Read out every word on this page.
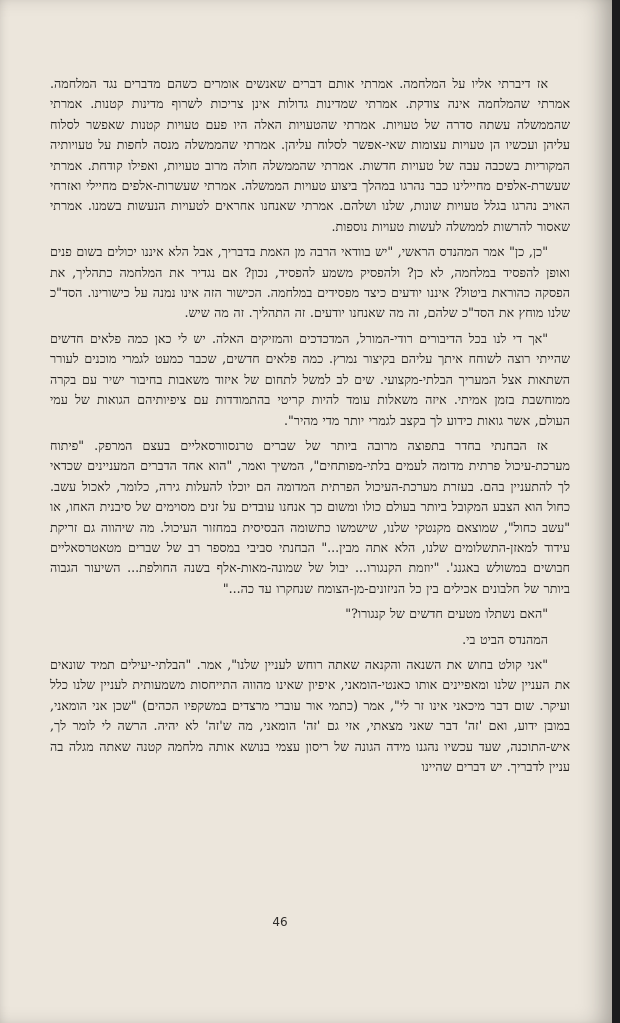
אז דיברתי אליו על המלחמה. אמרתי אותם דברים שאנשים אומרים כשהם מדברים נגד המלחמה. אמרתי שהמלחמה אינה צודקת. אמרתי שמדינות גדולות אינן צריכות לשרוף מדינות קטנות. אמרתי שהממשלה עשתה סדרה של טעויות. אמרתי שהטעויות האלה היו פעם טעויות קטנות שאפשר לסלוח עליהן ועכשיו הן טעויות עצומות שאי-אפשר לסלוח עליהן. אמרתי שהממשלה מנסה לחפות על טעויותיה המקוריות בשכבה עבה של טעויות חדשות. אמרתי שהממשלה חולה מרוב טעויות, ואפילו קודחת. אמרתי שעשרת-אלפים מחיילינו כבר נהרגו במהלך ביצוע טעויות הממשלה. אמרתי שעשרות-אלפים מחיילי ואזרחי האויב נהרגו בגלל טעויות שונות, שלנו ושלהם. אמרתי שאנחנו אחראים לטעויות הנעשות בשמנו. אמרתי שאסור להרשות לממשלה לעשות טעויות נוספות.

"כן, כן" אמר המהנדס הראשי, "יש בוודאי הרבה מן האמת בדבריך, אבל הלא איננו יכולים בשום פנים ואופן להפסיד במלחמה, לא כן? ולהפסיק משמע להפסיד, נכון? אם נגדיר את המלחמה כתהליך, את הפסקה כהוראת ביטול? איננו יודעים כיצד מפסידים במלחמה. הכישור הזה אינו נמנה על כישורינו. הסד"כ שלנו מוחץ את הסד"כ שלהם, זה מה שאנחנו יודעים. זה התהליך. זה מה שיש.

"אך די לנו בכל הדיבורים רודי-המורל, המדכדכים והמזיקים האלה. יש לי כאן כמה פלאים חדשים שהייתי רוצה לשוחח איתך עליהם בקיצור נמרץ. כמה פלאים חדשים, שכבר כמעט לגמרי מוכנים לעורר השתאות אצל המעריך הבלתי-מקצועי. שים לב למשל לתחום של איזוד משאבות בחיבור ישיר עם בקרה ממוחשבת בזמן אמיתי. איזה משאלות עומד להיות קריטי בהתמודדות עם ציפיותיהם הגואות של עמי העולם, אשר גואות כידוע לך בקצב לגמרי יותר מדי מהיר".

אז הבחנתי בחדר בתפוצה מרובה ביותר של שברים טרנסוורסאליים בעצם המרפק. "פיתוח מערכת-עיכול פרתית מדומה לעמים בלתי-מפותחים", המשיך ואמר, "הוא אחד הדברים המעניינים שכדאי לך להתעניין בהם. בעזרת מערכת-העיכול הפרתית המדומה הם יוכלו להעלות גירה, כלומר, לאכול עשב. כחול הוא הצבע המקובל ביותר בעולם כולו ומשום כך אנחנו עובדים על זנים מסוימים של סיבנית האחו, או "עשב כחול", שמוצאם מקנטקי שלנו, שישמשו כתשומה הבסיסית במחזור העיכול. מה שיהווה גם זריקת עידוד למאזן-התשלומים שלנו, הלא אתה מבין..." הבחנתי סביבי במספר רב של שברים מטאטרסאליים חבושים במשולש באגנג'. "יוזמת הקנגורו... יבול של שמונה-מאות-אלף בשנה החולפת... השיעור הגבוה ביותר של חלבונים אכילים בין כל הניזונים-מן-הצומח שנחקרו עד כה..."

"האם נשתלו מטעים חדשים של קנגורו?"

המהנדס הביט בי.

"אני קולט בחוש את השנאה והקנאה שאתה רוחש לעניין שלנו", אמר. "הבלתי-יעילים תמיד שונאים את העניין שלנו ומאפיינים אותו כאנטי-הומאני, איפיון שאינו מהווה התייחסות משמעותית לעניין שלנו כלל ועיקר. שום דבר מיכאני אינו זר לי", אמר (כתמי אור עוברי מרצדים במשקפיו הכהים) "שכן אני הומאני, במובן ידוע, ואם 'זה' דבר שאני מצאתי, אזי גם 'זה' הומאני, מה ש'זה' לא יהיה. הרשה לי לומר לך, איש-התוכנה, שעד עכשיו נהגנו מידה הגונה של ריסון עצמי בנושא אותה מלחמה קטנה שאתה מגלה בה עניין לדבריך. יש דברים שהיינו

46
